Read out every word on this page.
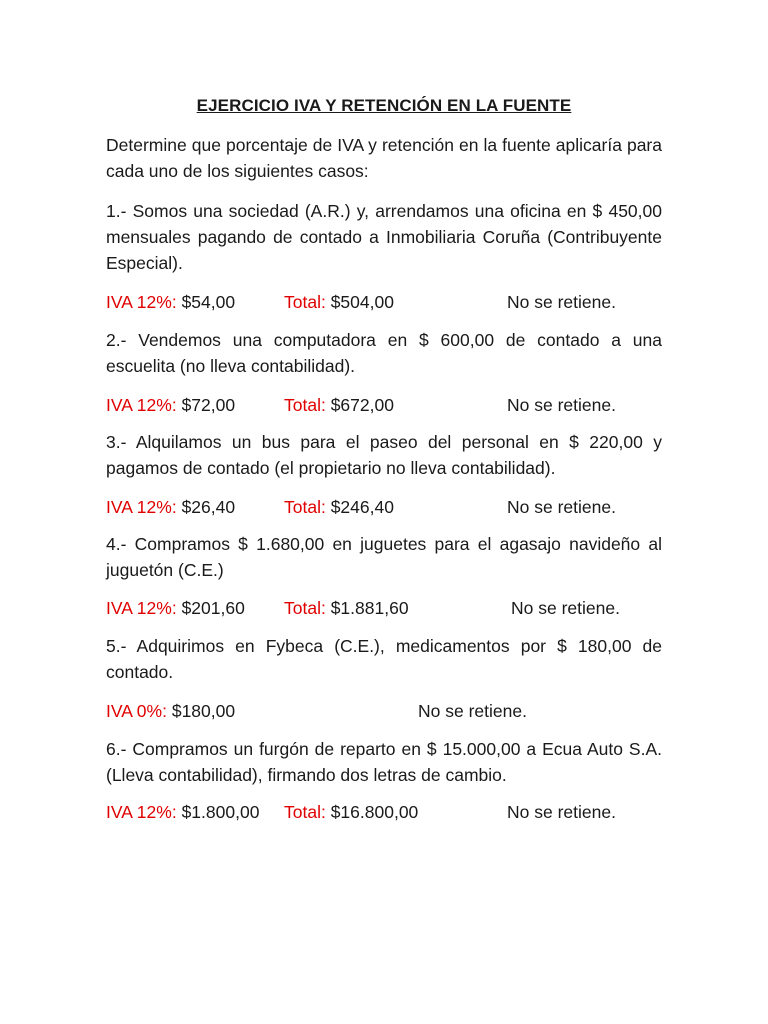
EJERCICIO IVA Y RETENCIÓN EN LA FUENTE

Determine que porcentaje de IVA y retención en la fuente aplicaría para cada uno de los siguientes casos:

1.- Somos una sociedad (A.R.) y, arrendamos una oficina en $ 450,00 mensuales pagando de contado a Inmobiliaria Coruña (Contribuyente Especial).

IVA 12%: $54,00	Total: $504,00	No se retiene.

2.- Vendemos una computadora en $ 600,00 de contado a una escuelita (no lleva contabilidad).

IVA 12%: $72,00	Total: $672,00	No se retiene.

3.- Alquilamos un bus para el paseo del personal en $ 220,00 y pagamos de contado (el propietario no lleva contabilidad).

IVA 12%: $26,40	Total: $246,40	No se retiene.

4.- Compramos $ 1.680,00 en juguetes para el agasajo navideño al juguetón (C.E.)

IVA 12%: $201,60 Total: $1.881,60	No se retiene.

5.- Adquirimos en Fybeca (C.E.), medicamentos por $ 180,00 de contado.

IVA 0%: $180,00	No se retiene.

6.- Compramos un furgón de reparto en $ 15.000,00 a Ecua Auto S.A. (Lleva contabilidad), firmando dos letras de cambio.

IVA 12%: $1.800,00 Total: $16.800,00	No se retiene.
